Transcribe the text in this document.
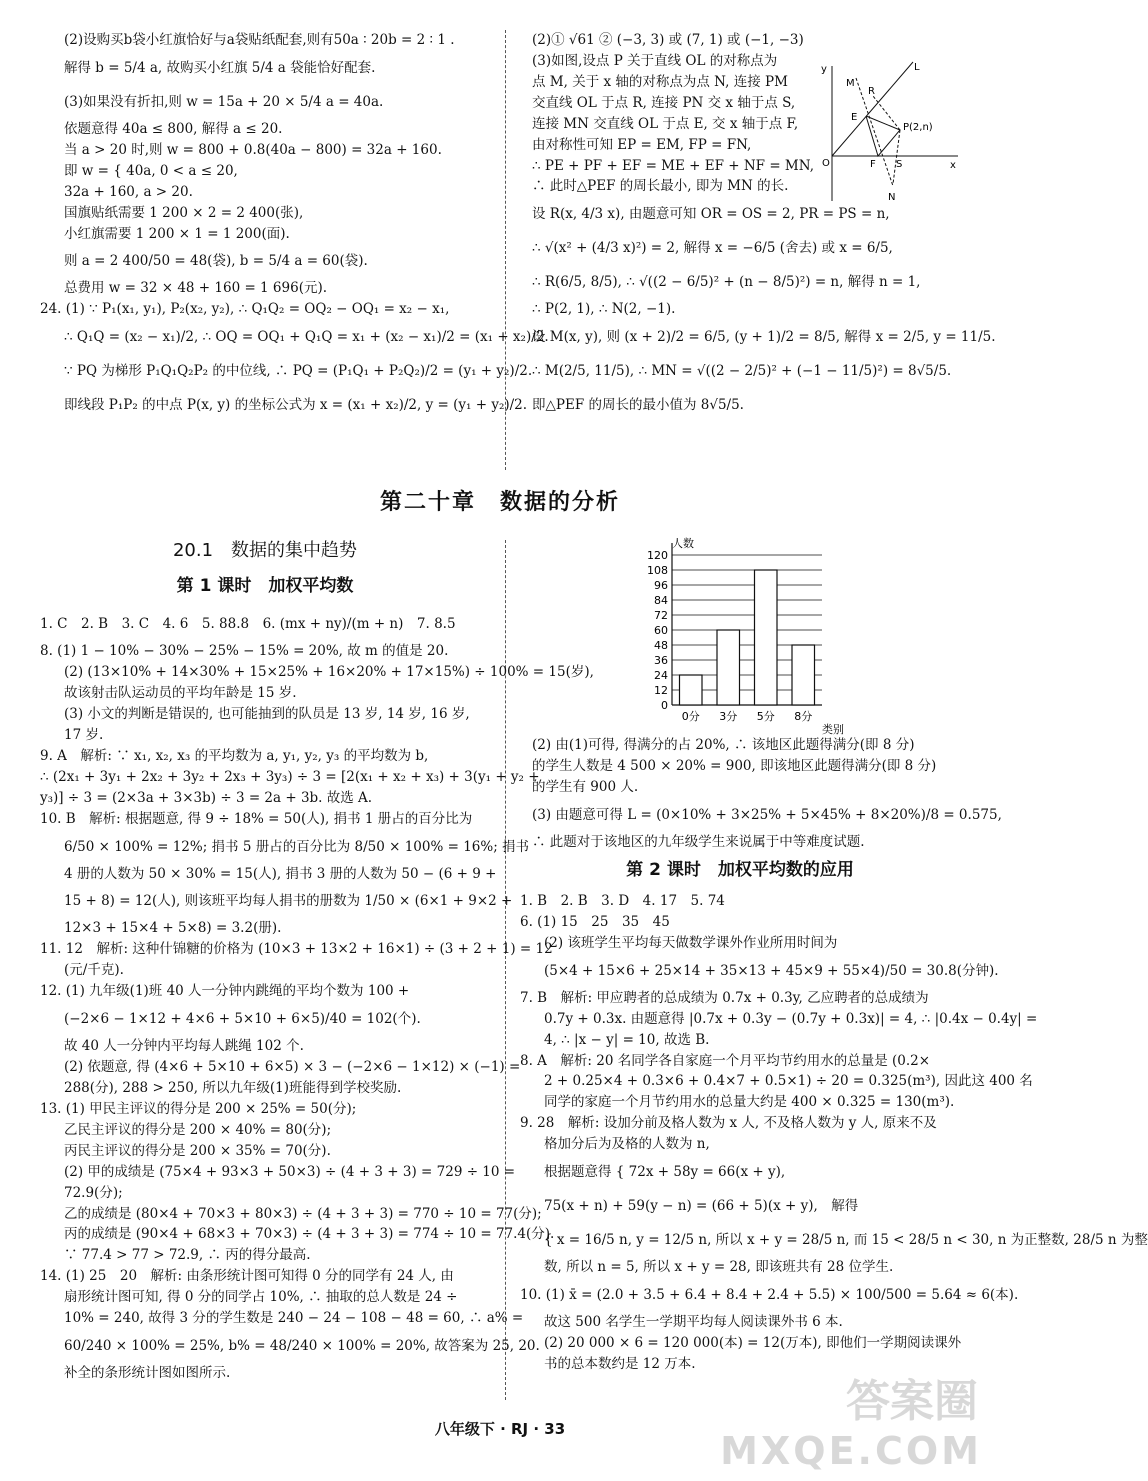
(2)设购买b袋小红旗恰好与a袋贴纸配套,则有50a ∶ 20b = 2 ∶ 1 .
解得 b = 5/4 a, 故购买小红旗 5/4 a 袋能恰好配套.
(3)如果没有折扣,则 w = 15a + 20 × 5/4 a = 40a.
依题意得 40a ≤ 800, 解得 a ≤ 20.
当 a > 20 时,则 w = 800 + 0.8(40a − 800) = 32a + 160.
即 w = { 40a, 0 < a ≤ 20,
32a + 160, a > 20.
国旗贴纸需要 1 200 × 2 = 2 400(张),
小红旗需要 1 200 × 1 = 1 200(面).
则 a = 2 400/50 = 48(袋), b = 5/4 a = 60(袋).
总费用 w = 32 × 48 + 160 = 1 696(元).
24. (1) ∵ P₁(x₁, y₁), P₂(x₂, y₂), ∴ Q₁Q₂ = OQ₂ − OQ₁ = x₂ − x₁,
∴ Q₁Q = (x₂ − x₁)/2, ∴ OQ = OQ₁ + Q₁Q = x₁ + (x₂ − x₁)/2 = (x₁ + x₂)/2.
∵ PQ 为梯形 P₁Q₁Q₂P₂ 的中位线, ∴ PQ = (P₁Q₁ + P₂Q₂)/2 = (y₁ + y₂)/2.
即线段 P₁P₂ 的中点 P(x, y) 的坐标公式为 x = (x₁ + x₂)/2, y = (y₁ + y₂)/2.
(2)① √61 ② (−3, 3) 或 (7, 1) 或 (−1, −3)
(3)如图,设点 P 关于直线 OL 的对称点为
点 M, 关于 x 轴的对称点为点 N, 连接 PM
交直线 OL 于点 R, 连接 PN 交 x 轴于点 S,
连接 MN 交直线 OL 于点 E, 交 x 轴于点 F,
由对称性可知 EP = EM, FP = FN,
∴ PE + PF + EF = ME + EF + NF = MN,
∴ 此时△PEF 的周长最小, 即为 MN 的长.
设 R(x, 4/3 x), 由题意可知 OR = OS = 2, PR = PS = n,
∴ √(x² + (4/3 x)²) = 2, 解得 x = −6/5 (舍去) 或 x = 6/5,
∴ R(6/5, 8/5), ∴ √((2 − 6/5)² + (n − 8/5)²) = n, 解得 n = 1,
∴ P(2, 1), ∴ N(2, −1).
设 M(x, y), 则 (x + 2)/2 = 6/5, (y + 1)/2 = 8/5, 解得 x = 2/5, y = 11/5.
∴ M(2/5, 11/5), ∴ MN = √((2 − 2/5)² + (−1 − 11/5)²) = 8√5/5.
即△PEF 的周长的最小值为 8√5/5.
y
x
O
L
M
R
E
P(2,n)
F S
N
第二十章　数据的分析
20.1　数据的集中趋势
第 1 课时　加权平均数
1. C　2. B　3. C　4. 6　5. 88.8　6. (mx + ny)/(m + n)　7. 8.5
8. (1) 1 − 10% − 30% − 25% − 15% = 20%, 故 m 的值是 20.
(2) (13×10% + 14×30% + 15×25% + 16×20% + 17×15%) ÷ 100% = 15(岁),
故该射击队运动员的平均年龄是 15 岁.
(3) 小文的判断是错误的, 也可能抽到的队员是 13 岁, 14 岁, 16 岁,
17 岁.
9. A　解析: ∵ x₁, x₂, x₃ 的平均数为 a, y₁, y₂, y₃ 的平均数为 b,
∴ (2x₁ + 3y₁ + 2x₂ + 3y₂ + 2x₃ + 3y₃) ÷ 3 = [2(x₁ + x₂ + x₃) + 3(y₁ + y₂ +
y₃)] ÷ 3 = (2×3a + 3×3b) ÷ 3 = 2a + 3b. 故选 A.
10. B　解析: 根据题意, 得 9 ÷ 18% = 50(人), 捐书 1 册占的百分比为
6/50 × 100% = 12%; 捐书 5 册占的百分比为 8/50 × 100% = 16%; 捐书
4 册的人数为 50 × 30% = 15(人), 捐书 3 册的人数为 50 − (6 + 9 +
15 + 8) = 12(人), 则该班平均每人捐书的册数为 1/50 × (6×1 + 9×2 +
12×3 + 15×4 + 5×8) = 3.2(册).
11. 12　解析: 这种什锦糖的价格为 (10×3 + 13×2 + 16×1) ÷ (3 + 2 + 1) = 12
(元/千克).
12. (1) 九年级(1)班 40 人一分钟内跳绳的平均个数为 100 +
(−2×6 − 1×12 + 4×6 + 5×10 + 6×5)/40 = 102(个).
故 40 人一分钟内平均每人跳绳 102 个.
(2) 依题意, 得 (4×6 + 5×10 + 6×5) × 3 − (−2×6 − 1×12) × (−1) =
288(分), 288 > 250, 所以九年级(1)班能得到学校奖励.
13. (1) 甲民主评议的得分是 200 × 25% = 50(分);
乙民主评议的得分是 200 × 40% = 80(分);
丙民主评议的得分是 200 × 35% = 70(分).
(2) 甲的成绩是 (75×4 + 93×3 + 50×3) ÷ (4 + 3 + 3) = 729 ÷ 10 =
72.9(分);
乙的成绩是 (80×4 + 70×3 + 80×3) ÷ (4 + 3 + 3) = 770 ÷ 10 = 77(分);
丙的成绩是 (90×4 + 68×3 + 70×3) ÷ (4 + 3 + 3) = 774 ÷ 10 = 77.4(分).
∵ 77.4 > 77 > 72.9, ∴ 丙的得分最高.
14. (1) 25　20　解析: 由条形统计图可知得 0 分的同学有 24 人, 由
扇形统计图可知, 得 0 分的同学占 10%, ∴ 抽取的总人数是 24 ÷
10% = 240, 故得 3 分的学生数是 240 − 24 − 108 − 48 = 60, ∴ a% =
60/240 × 100% = 25%, b% = 48/240 × 100% = 20%, 故答案为 25, 20.
补全的条形统计图如图所示.
0
12
24
36
48
60
72
84
96
108
120
0分 3分 5分 8分
人数
类别
(2) 由(1)可得, 得满分的占 20%, ∴ 该地区此题得满分(即 8 分)
的学生人数是 4 500 × 20% = 900, 即该地区此题得满分(即 8 分)
的学生有 900 人.
(3) 由题意可得 L = (0×10% + 3×25% + 5×45% + 8×20%)/8 = 0.575,
∴ 此题对于该地区的九年级学生来说属于中等难度试题.
第 2 课时　加权平均数的应用
1. B　2. B　3. D　4. 17　5. 74
6. (1) 15　25　35　45
(2) 该班学生平均每天做数学课外作业所用时间为
(5×4 + 15×6 + 25×14 + 35×13 + 45×9 + 55×4)/50 = 30.8(分钟).
7. B　解析: 甲应聘者的总成绩为 0.7x + 0.3y, 乙应聘者的总成绩为
0.7y + 0.3x. 由题意得 |0.7x + 0.3y − (0.7y + 0.3x)| = 4, ∴ |0.4x − 0.4y| =
4, ∴ |x − y| = 10, 故选 B.
8. A　解析: 20 名同学各自家庭一个月平均节约用水的总量是 (0.2×
2 + 0.25×4 + 0.3×6 + 0.4×7 + 0.5×1) ÷ 20 = 0.325(m³), 因此这 400 名
同学的家庭一个月节约用水的总量大约是 400 × 0.325 = 130(m³).
9. 28　解析: 设加分前及格人数为 x 人, 不及格人数为 y 人, 原来不及
格加分后为及格的人数为 n,
根据题意得 { 72x + 58y = 66(x + y),
75(x + n) + 59(y − n) = (66 + 5)(x + y),　解得
{ x = 16/5 n, y = 12/5 n, 所以 x + y = 28/5 n, 而 15 < 28/5 n < 30, n 为正整数, 28/5 n 为整
数, 所以 n = 5, 所以 x + y = 28, 即该班共有 28 位学生.
10. (1) x̄ = (2.0 + 3.5 + 6.4 + 8.4 + 2.4 + 5.5) × 100/500 = 5.64 ≈ 6(本).
故这 500 名学生一学期平均每人阅读课外书 6 本.
(2) 20 000 × 6 = 120 000(本) = 12(万本), 即他们一学期阅读课外
书的总本数约是 12 万本.
八年级下 · RJ · 33
答案圈
MXQE.COM
